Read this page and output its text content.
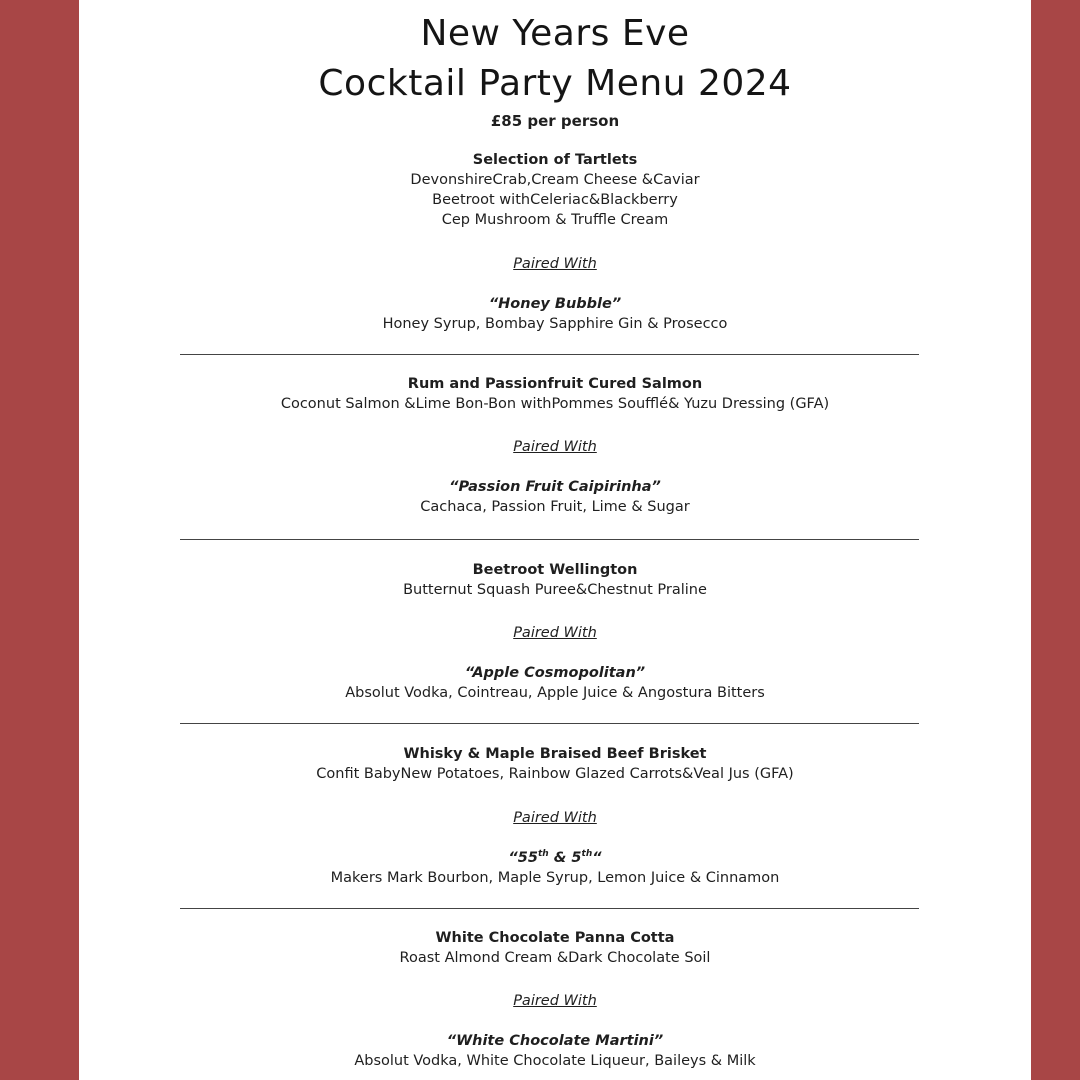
New Years Eve
Cocktail Party Menu 2024
£85 per person
Selection of Tartlets
DevonshireCrab,Cream Cheese &Caviar
Beetroot withCeleriac&Blackberry
Cep Mushroom & Truffle Cream
Paired With
“Honey Bubble”
Honey Syrup, Bombay Sapphire Gin & Prosecco
Rum and Passionfruit Cured Salmon
Coconut Salmon &Lime Bon-Bon withPommes Soufflé& Yuzu Dressing (GFA)
Paired With
“Passion Fruit Caipirinha”
Cachaca, Passion Fruit, Lime & Sugar
Beetroot Wellington
Butternut Squash Puree&Chestnut Praline
Paired With
“Apple Cosmopolitan”
Absolut Vodka, Cointreau, Apple Juice & Angostura Bitters
Whisky & Maple Braised Beef Brisket
Confit BabyNew Potatoes, Rainbow Glazed Carrots&Veal Jus (GFA)
Paired With
“55th & 5th“
Makers Mark Bourbon, Maple Syrup, Lemon Juice & Cinnamon
White Chocolate Panna Cotta
Roast Almond Cream &Dark Chocolate Soil
Paired With
“White Chocolate Martini”
Absolut Vodka, White Chocolate Liqueur, Baileys & Milk
